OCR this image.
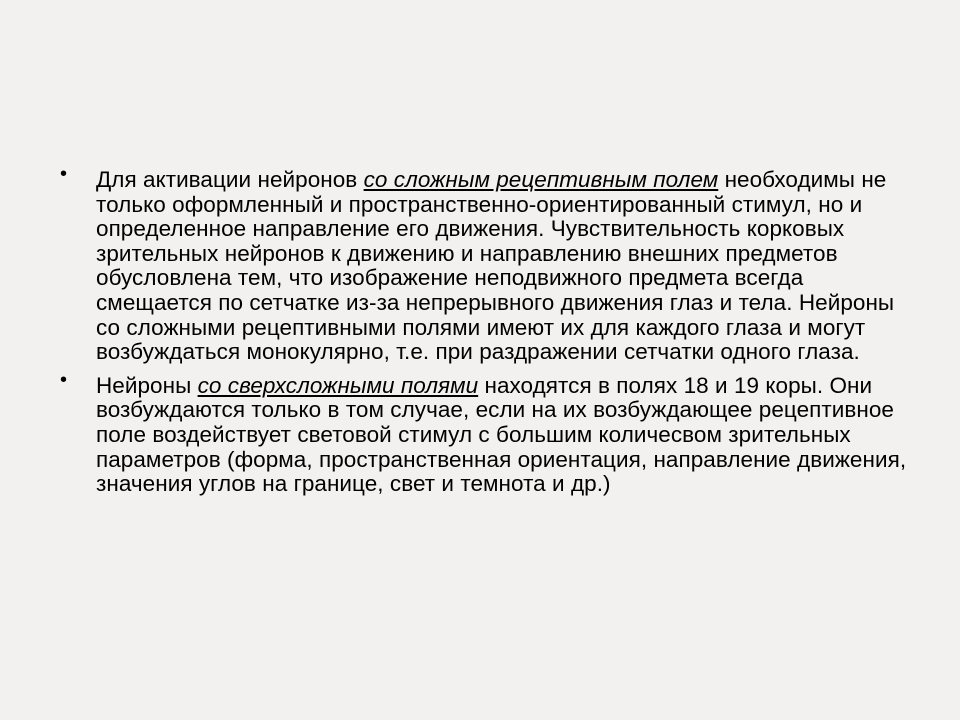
•

Для активации нейронов со сложным рецептивным полем необходимы не только оформленный и пространственно-ориентированный стимул, но и определенное направление его движения. Чувствительность корковых зрительных нейронов к движению и направлению внешних предметов обусловлена тем, что изображение неподвижного предмета всегда смещается по сетчатке из-за непрерывного движения глаз и тела. Нейроны со сложными рецептивными полями имеют их для каждого глаза и могут возбуждаться монокулярно, т.е. при раздражении сетчатки одного глаза.

•

Нейроны со сверхсложными полями находятся в полях 18 и 19 коры. Они возбуждаются только в том случае, если на их возбуждающее рецептивное поле воздействует световой стимул с большим количесвом зрительных параметров (форма, пространственная ориентация, направление движения, значения углов на границе, свет и темнота и др.)
